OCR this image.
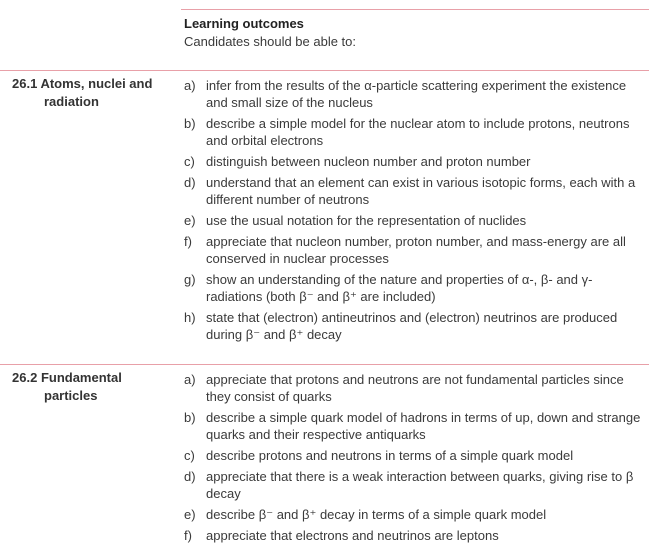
Learning outcomes
Candidates should be able to:
26.1 Atoms, nuclei and
radiation
a) infer from the results of the α-particle scattering experiment the existence and small size of the nucleus
b) describe a simple model for the nuclear atom to include protons, neutrons and orbital electrons
c) distinguish between nucleon number and proton number
d) understand that an element can exist in various isotopic forms, each with a different number of neutrons
e) use the usual notation for the representation of nuclides
f) appreciate that nucleon number, proton number, and mass-energy are all conserved in nuclear processes
g) show an understanding of the nature and properties of α-, β- and γ-radiations (both β⁻ and β⁺ are included)
h) state that (electron) antineutrinos and (electron) neutrinos are produced during β⁻ and β⁺ decay
26.2 Fundamental
particles
a) appreciate that protons and neutrons are not fundamental particles since they consist of quarks
b) describe a simple quark model of hadrons in terms of up, down and strange quarks and their respective antiquarks
c) describe protons and neutrons in terms of a simple quark model
d) appreciate that there is a weak interaction between quarks, giving rise to β decay
e) describe β⁻ and β⁺ decay in terms of a simple quark model
f) appreciate that electrons and neutrinos are leptons
